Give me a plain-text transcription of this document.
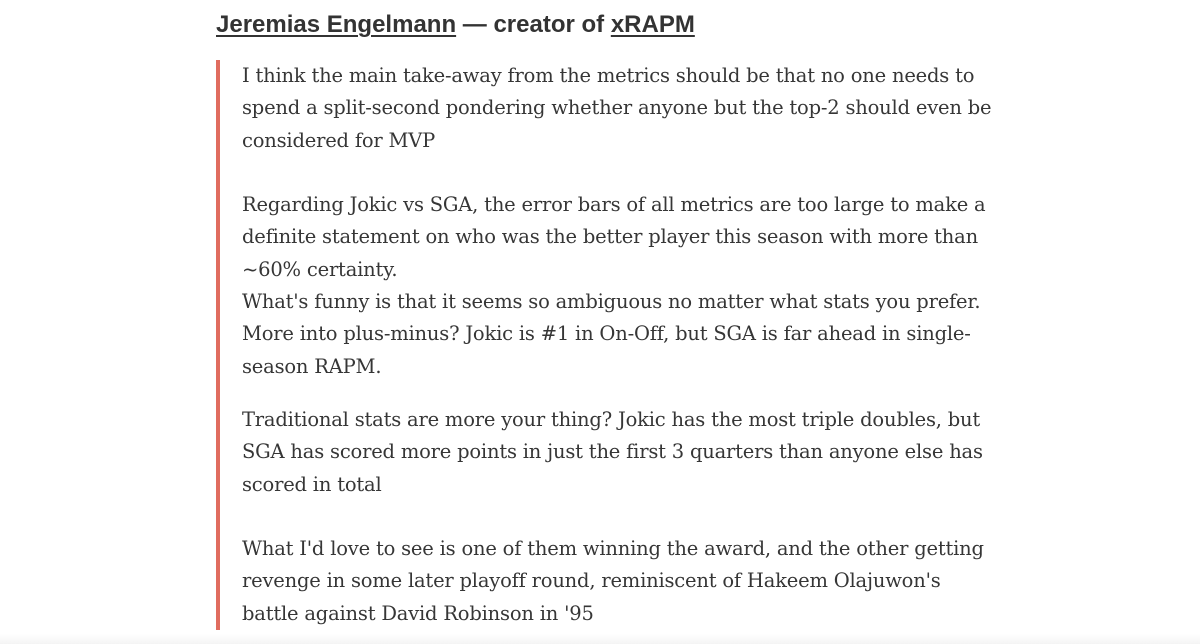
Jeremias Engelmann — creator of xRAPM

I think the main take-away from the metrics should be that no one needs to spend a split-second pondering whether anyone but the top-2 should even be considered for MVP

Regarding Jokic vs SGA, the error bars of all metrics are too large to make a definite statement on who was the better player this season with more than ~60% certainty.

What's funny is that it seems so ambiguous no matter what stats you prefer. More into plus-minus? Jokic is #1 in On-Off, but SGA is far ahead in single-season RAPM.

Traditional stats are more your thing? Jokic has the most triple doubles, but SGA has scored more points in just the first 3 quarters than anyone else has scored in total

What I'd love to see is one of them winning the award, and the other getting revenge in some later playoff round, reminiscent of Hakeem Olajuwon's battle against David Robinson in '95
